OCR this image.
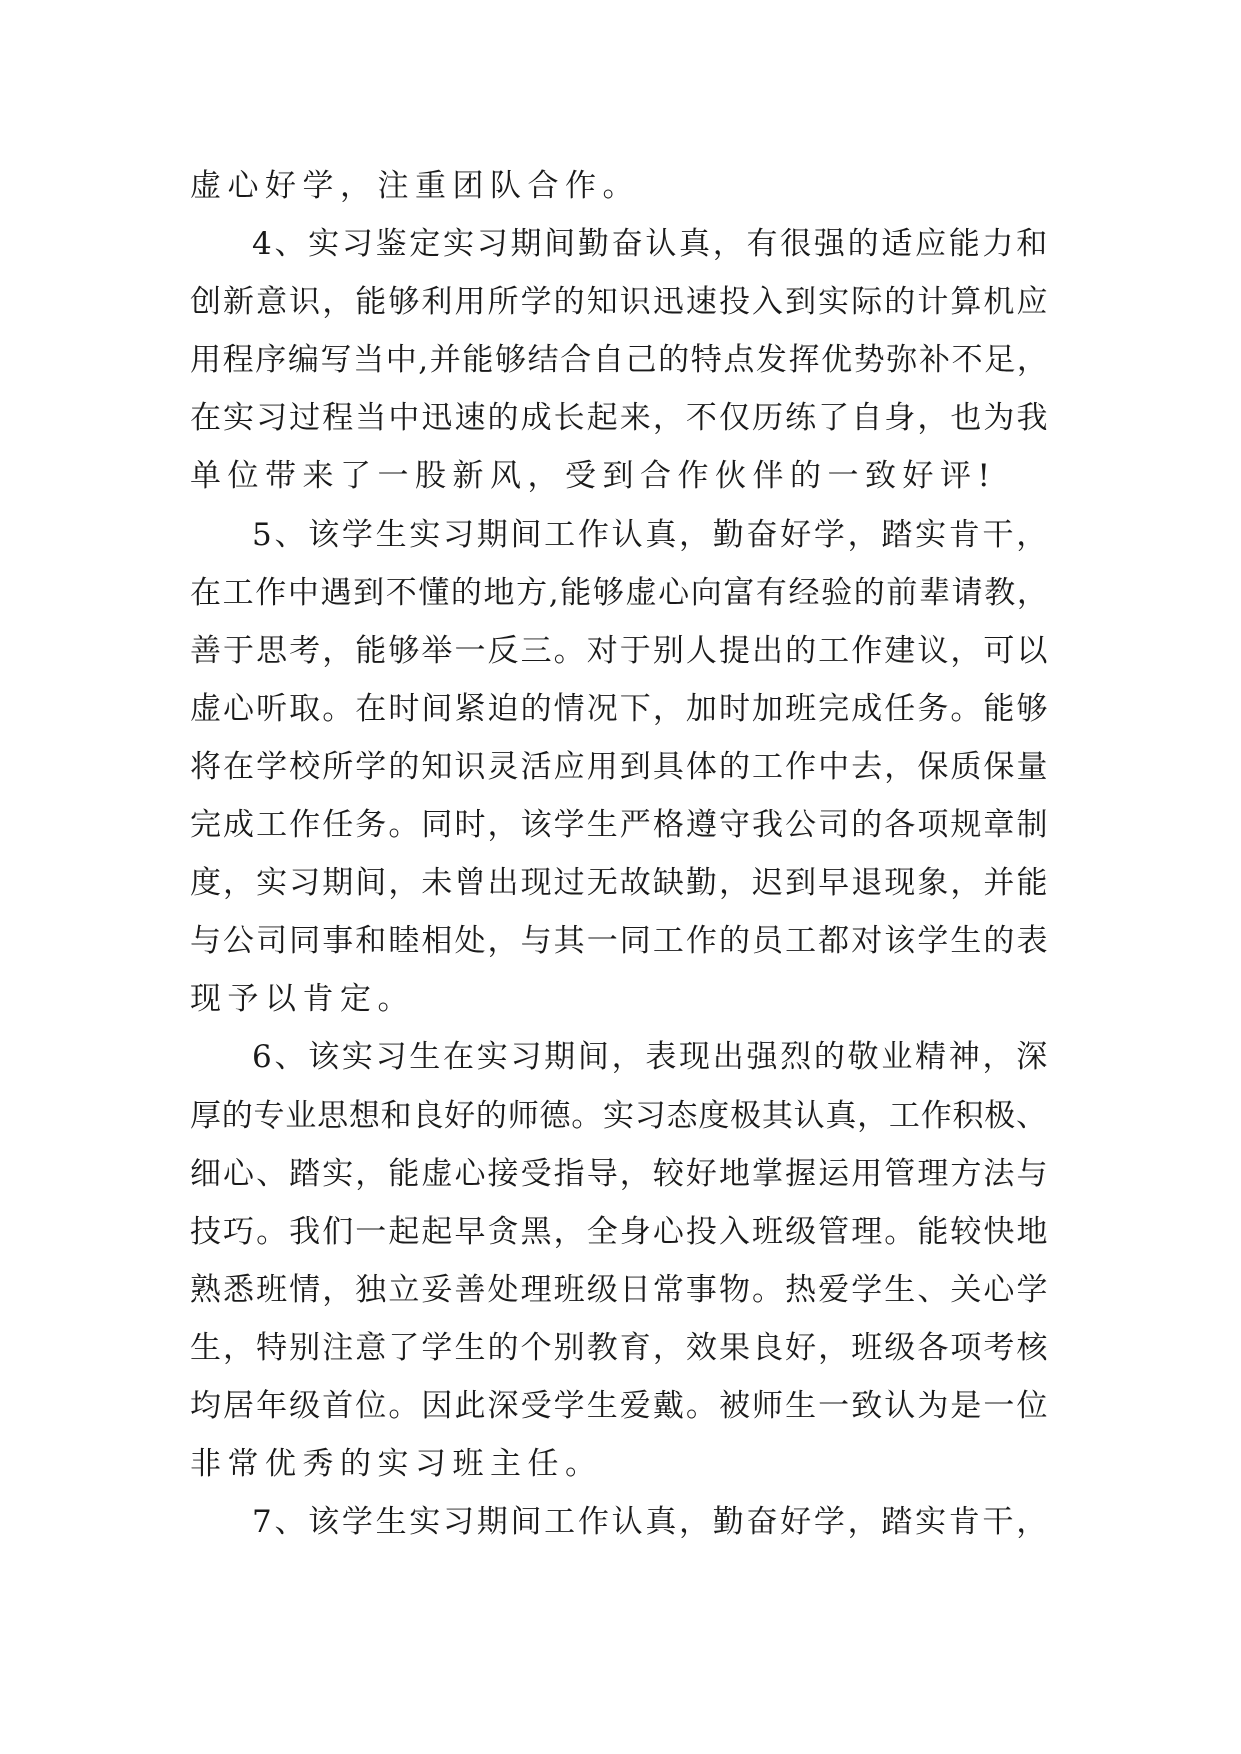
虚心好学，注重团队合作。
4、实习鉴定实习期间勤奋认真，有很强的适应能力和
创新意识，能够利用所学的知识迅速投入到实际的计算机应
用程序编写当中,并能够结合自己的特点发挥优势弥补不足，
在实习过程当中迅速的成长起来，不仅历练了自身，也为我
单位带来了一股新风，受到合作伙伴的一致好评!
5、该学生实习期间工作认真，勤奋好学，踏实肯干，
在工作中遇到不懂的地方,能够虚心向富有经验的前辈请教，
善于思考，能够举一反三。对于别人提出的工作建议，可以
虚心听取。在时间紧迫的情况下，加时加班完成任务。能够
将在学校所学的知识灵活应用到具体的工作中去，保质保量
完成工作任务。同时，该学生严格遵守我公司的各项规章制
度，实习期间，未曾出现过无故缺勤，迟到早退现象，并能
与公司同事和睦相处，与其一同工作的员工都对该学生的表
现予以肯定。
6、该实习生在实习期间，表现出强烈的敬业精神，深
厚的专业思想和良好的师德。实习态度极其认真，工作积极、
细心、踏实，能虚心接受指导，较好地掌握运用管理方法与
技巧。我们一起起早贪黑，全身心投入班级管理。能较快地
熟悉班情，独立妥善处理班级日常事物。热爱学生、关心学
生，特别注意了学生的个别教育，效果良好，班级各项考核
均居年级首位。因此深受学生爱戴。被师生一致认为是一位
非常优秀的实习班主任。
7、该学生实习期间工作认真，勤奋好学，踏实肯干，
